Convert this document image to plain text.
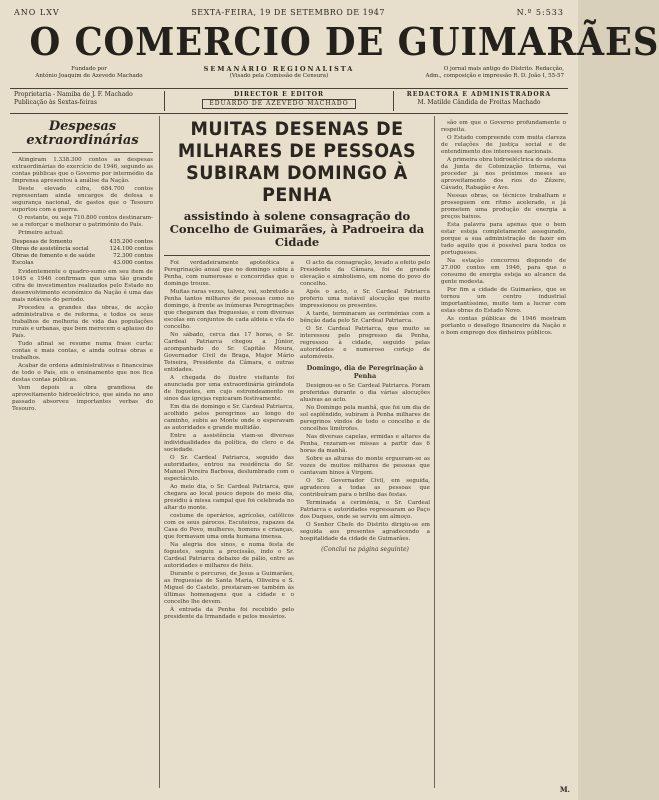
ANO LXV	SEXTA-FEIRA, 19 DE SETEMBRO DE 1947	N.º 5:533
O COMERCIO DE GUIMARÃES
Fundado por
António Joaquim de Azevedo Machado
SEMANÁRIO REGIONALISTA
(Visado pela Comissão de Censura)
O jornal mais antigo do Distrito. Redacção,
Adm., composição e impressão R. D. João I, 55-57
Proprietaria - Namiba de J. F. Machado
Publicação às Sextas-feiras
DIRECTOR E EDITOR
EDUARDO DE AZEVEDO MACHADO
REDACTORA E ADMINISTRADORA
M. Matilde Cândida de Freitas Machado
Despesas extraordinárias

Atingiram 1.338.300 contos as despesas extraordinárias do exercício de 1946, segundo as contas públicas que o Governo por intermédio da Imprensa apresentou à análise da Nação.

Deste elevado cifra, 684.700 contos representam ainda encargos de defesa e segurança nacional, de gastos que o Tesouro suportou com a guerra.

O restante, ou seja 710.800 contos destinaram-se a reforçar e melhorar o património do País.

Primeiro actual:

Despesas de fomento	435.200 contos
Obras de assistência social	124.100 contos
Obras de fomento e de saúde	72.300 contos
Escolas	43.000 contos

Evidentemente o quadro-sumo em seu item de 1945 e 1946 confirmam que uma tão grande cifra de investimentos realizados pelo Estado no desenvolvimento económico da Nação é uma das mais notáveis do período.

Procedeu a grandes das obras, de acção administrativa e de reforma, e todos os seus trabalhos de melhoria de vida das populações rurais e urbanas, que bem merecem o aplauso do País.

Tudo afinal se resume numa frase curta: contas e mais contas, e ainda outras obras e trabalhos.

Acabar de ordens administrativas e financeiras de todo o País, eis o ensinamento que nos fica destas contas públicas.

Vem depois a obra grandiosa de aproveitamento hidroeléctrico, que ainda no ano passado absorveu importantes verbas do Tesouro.

MUITAS DESENAS DE MILHARES DE PESSOAS SUBIRAM DOMINGO À PENHA
assistindo à solene consagração do Concelho de Guimarães, à Padroeira da Cidade

Foi verdadeiramente apoteótica a Peregrinação anual que no domingo subiu à Penha, com numerosas e concorridas que o domingo trouxe.

Muitas raras vezes, talvez, vai, sobretudo a Penha tantos milhares de pessoas como no domingo, à frente as inúmeras Peregrinações que chegaram das freguesias, e com diversas escolas em conjuntos de cada aldeia e vila do concelho.

No sábado, cerca das 17 horas, o Sr. Cardeal Patriarca chegou a Júnior, acompanhado do Sr. Capitão Moura, Governador Civil de Braga, Major Mário Teixeira, Presidente da Câmara, e outras entidades.

A chegada do ilustre visitante foi anunciada por uma extraordinária girândola de foguetes, em cujo estrondeamento os sinos das igrejas repicaram festivamente.

Em dia de domingo e Sr. Cardeal Patriarca, acolhido pelos peregrinos ao longo do caminho, subiu ao Monte onde o esperavam as autoridades e grande multidão.

Entre a assistência viam-se diversas individualidades da política, do clero e da sociedade.

O Sr. Cardeal Patriarca, seguido das autoridades, entrou na residência do Sr. Manuel Pereira Barbosa, deslumbrado com o espectáculo.

Ao meio dia, o Sr. Cardeal Patriarca, que chegara ao local pouco depois do meio dia, presidiu à missa campal que foi celebrada no altar do monte.

costume de operários, agrícolas, católicos com os seus párocos. Escuteiros, rapazes da Casa do Povo, mulheres, homens e crianças, que formavam uma onda humana imensa.

Na alegria dos sinos, e numa festa de foguetes, seguiu a procissão, indo o Sr. Cardeal Patriarca debaixo de pálio, entre as autoridades e milhares de fiéis.

Durante o percurso, de Jesus a Guimarães, as freguesias de Santa Maria, Oliveira e S. Miguel do Castelo, prestaram-se também às últimas homenagens que a cidade e o concelho lhe devem.

À entrada da Penha foi recebido pelo presidente da Irmandade e pelos mesários.

O acto da consagração, levado a efeito pelo Presidente da Câmara, foi de grande elevação e simbolismo, em nome do povo do concelho.

Após o acto, o Sr. Cardeal Patriarca proferiu uma notável alocução que muito impressionou os presentes.

A tarde, terminaram as cerimónias com a bênção dada pelo Sr. Cardeal Patriarca.

O Sr. Cardeal Patriarca, que muito se interessou pelo progresso da Penha, regressou à cidade, seguido pelas autoridades e numeroso cortejo de automóveis.

Domingo, dia de Peregrinação à Penha

Designou-se o Sr. Cardeal Patriarca. Foram proferidas durante o dia várias alocuções alusivas ao acto.

No Domingo pela manhã, que foi um dia de sol esplêndido, subiram à Penha milhares de peregrinos vindos de todo o concelho e de concelhos limítrofes.

Nas diversas capelas, ermidas e altares da Penha, rezaram-se missas a partir das 6 horas da manhã.

Sobre as alturas do monte ergueram-se as vozes de muitos milhares de pessoas que cantavam hinos à Virgem.

O Sr. Governador Civil, em seguida, agradeceu a todas as pessoas que contribuíram para o brilho das festas.

Terminada a cerimónia, o Sr. Cardeal Patriarca e autoridades regressaram ao Paço dos Duques, onde se serviu um almoço.

O Senhor Chefe do Distrito dirigiu-se em seguida aos presentes agradecendo a hospitalidade da cidade de Guimarães.

(Conclui na página seguinte)

são em que o Governo profundamente o respeita.

O Estado compreende com muita clareza de relações de justiça social e de entendimento dos interesses nacionais.

A primeira obra hidroeléctrica do sistema da Junta de Colonização Interna, vai proceder já nos próximos meses ao aproveitamento dos rios do Zêzere, Cávado, Rabagão e Ave.

Nessas obras, os técnicos trabalham e prosseguem em ritmo acelerado, e já prometem uma produção de energia a preços baixos.

Esta palavra para apenas que o bem estar esteja completamente assegurado, porque a sua administração de fazer em tudo aquilo que é possível para todos os portugueses.

Na estação concorreu dispondo de 27.000 contos em 1946, para que o consumo de energia esteja ao alcance da gente modesta.

Por fim a cidade de Guimarães, que se tornou um centro industrial importantíssimo, muito tem a lucrar com estas obras do Estado Novo.

As contas públicas de 1946 mostram portanto o desafogo financeiro da Nação e o bom emprego dos dinheiros públicos.

M.
